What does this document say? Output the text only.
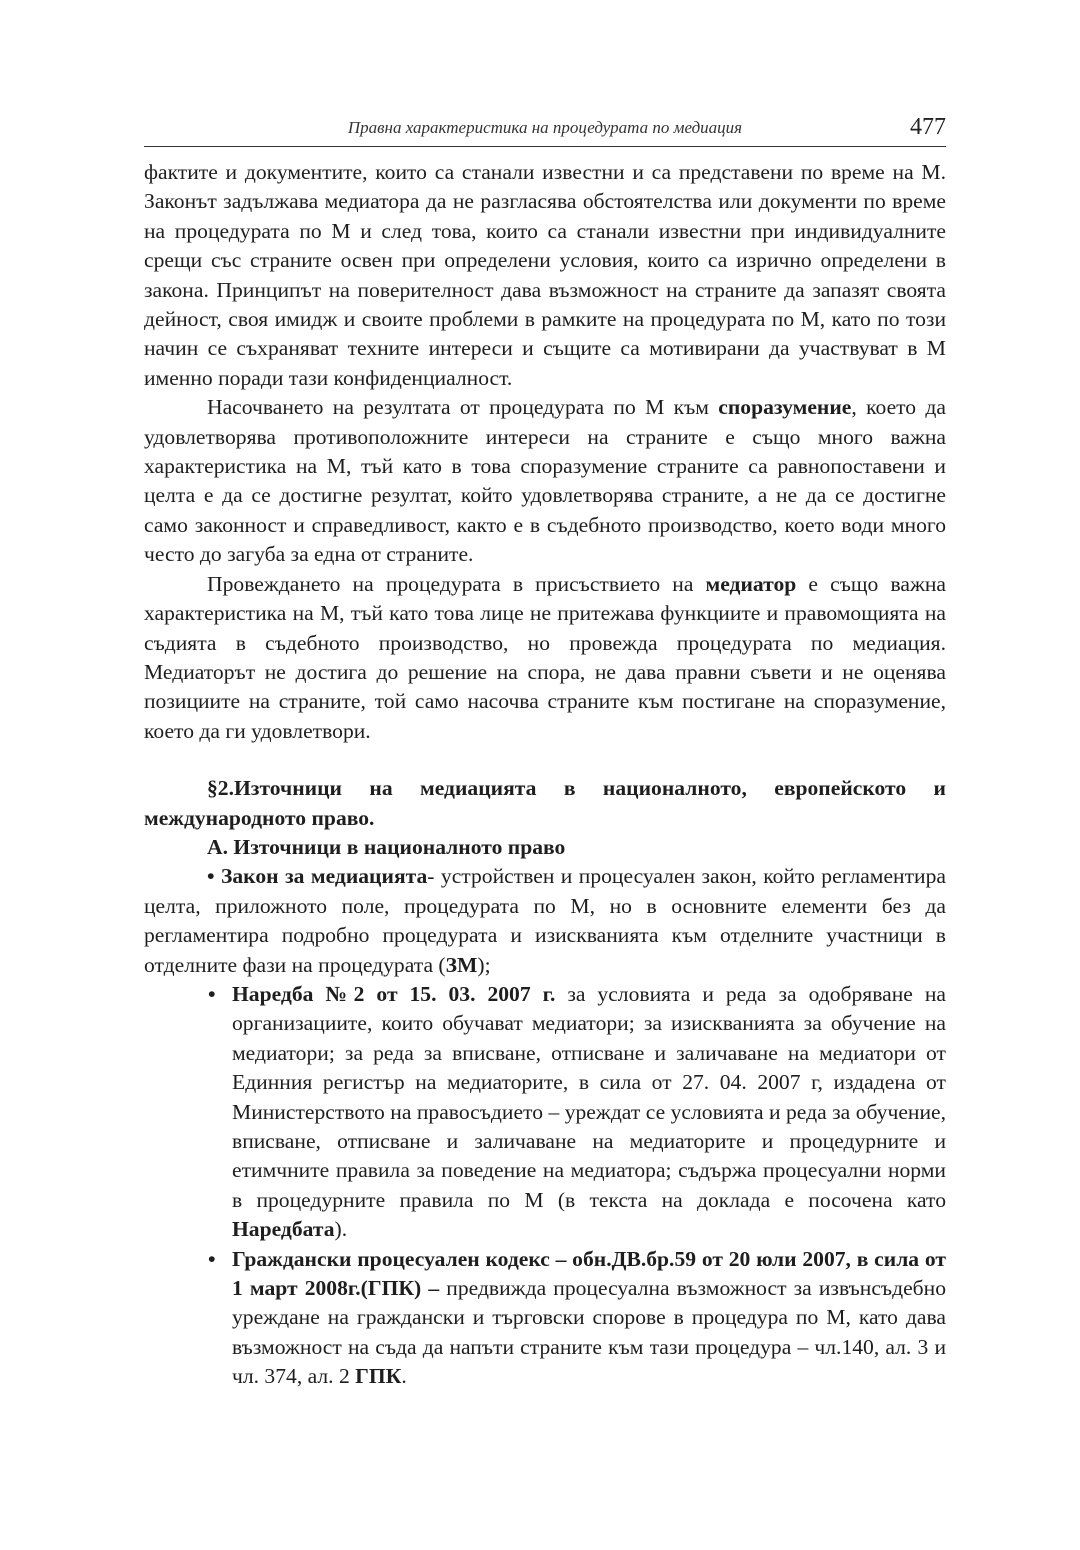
Правна характеристика на процедурата по медиация	477

фактите и документите, които са станали известни и са представени по време на М. Законът задължава медиатора да не разгласява обстоятелства или документи по време на процедурата по М и след това, които са станали известни при индивидуалните срещи със страните освен при определени условия, които са изрично определени в закона. Принципът на поверителност дава възможност на страните да запазят своята дейност, своя имидж и своите проблеми в рамките на процедурата по М, като по този начин се съхраняват техните интереси и същите са мотивирани да участвуват в М именно поради тази конфиденциалност.

Насочването на резултата от процедурата по М към споразумение, което да удовлетворява противоположните интереси на страните е също много важна характеристика на М, тъй като в това споразумение страните са равнопоставени и целта е да се достигне резултат, който удовлетворява страните, а не да се достигне само законност и справедливост, както е в съдебното производство, което води много често до загуба за една от страните.

Провеждането на процедурата в присъствието на медиатор е също важна характеристика на М, тъй като това лице не притежава функциите и правомощията на съдията в съдебното производство, но провежда процедурата по медиация. Медиаторът не достига до решение на спора, не дава правни съвети и не оценява позициите на страните, той само насочва страните към постигане на споразумение, което да ги удовлетвори.

§2.Източници на медиацията в националното, европейското и международното право.

А. Източници в националното право

• Закон за медиацията- устройствен и процесуален закон, който регламентира целта, приложното поле, процедурата по М, но в основните елементи без да регламентира подробно процедурата и изискванията към отделните участници в отделните фази на процедурата (ЗМ);

• Наредба №2 от 15. 03. 2007 г. за условията и реда за одобряване на организациите, които обучават медиатори; за изискванията за обучение на медиатори; за реда за вписване, отписване и заличаване на медиатори от Единния регистър на медиаторите, в сила от 27. 04. 2007 г, издадена от Министерството на правосъдието – уреждат се условията и реда за обучение, вписване, отписване и заличаване на медиаторите и процедурните и етимчните правила за поведение на медиатора; съдържа процесуални норми в процедурните правила по М (в текста на доклада е посочена като Наредбата).
• Граждански процесуален кодекс – обн.ДВ.бр.59 от 20 юли 2007, в сила от 1 март 2008г.(ГПК) – предвижда процесуална възможност за извънсъдебно уреждане на граждански и търговски спорове в процедура по М, като дава възможност на съда да напъти страните към тази процедура – чл.140, ал. 3 и чл. 374, ал. 2 ГПК.
